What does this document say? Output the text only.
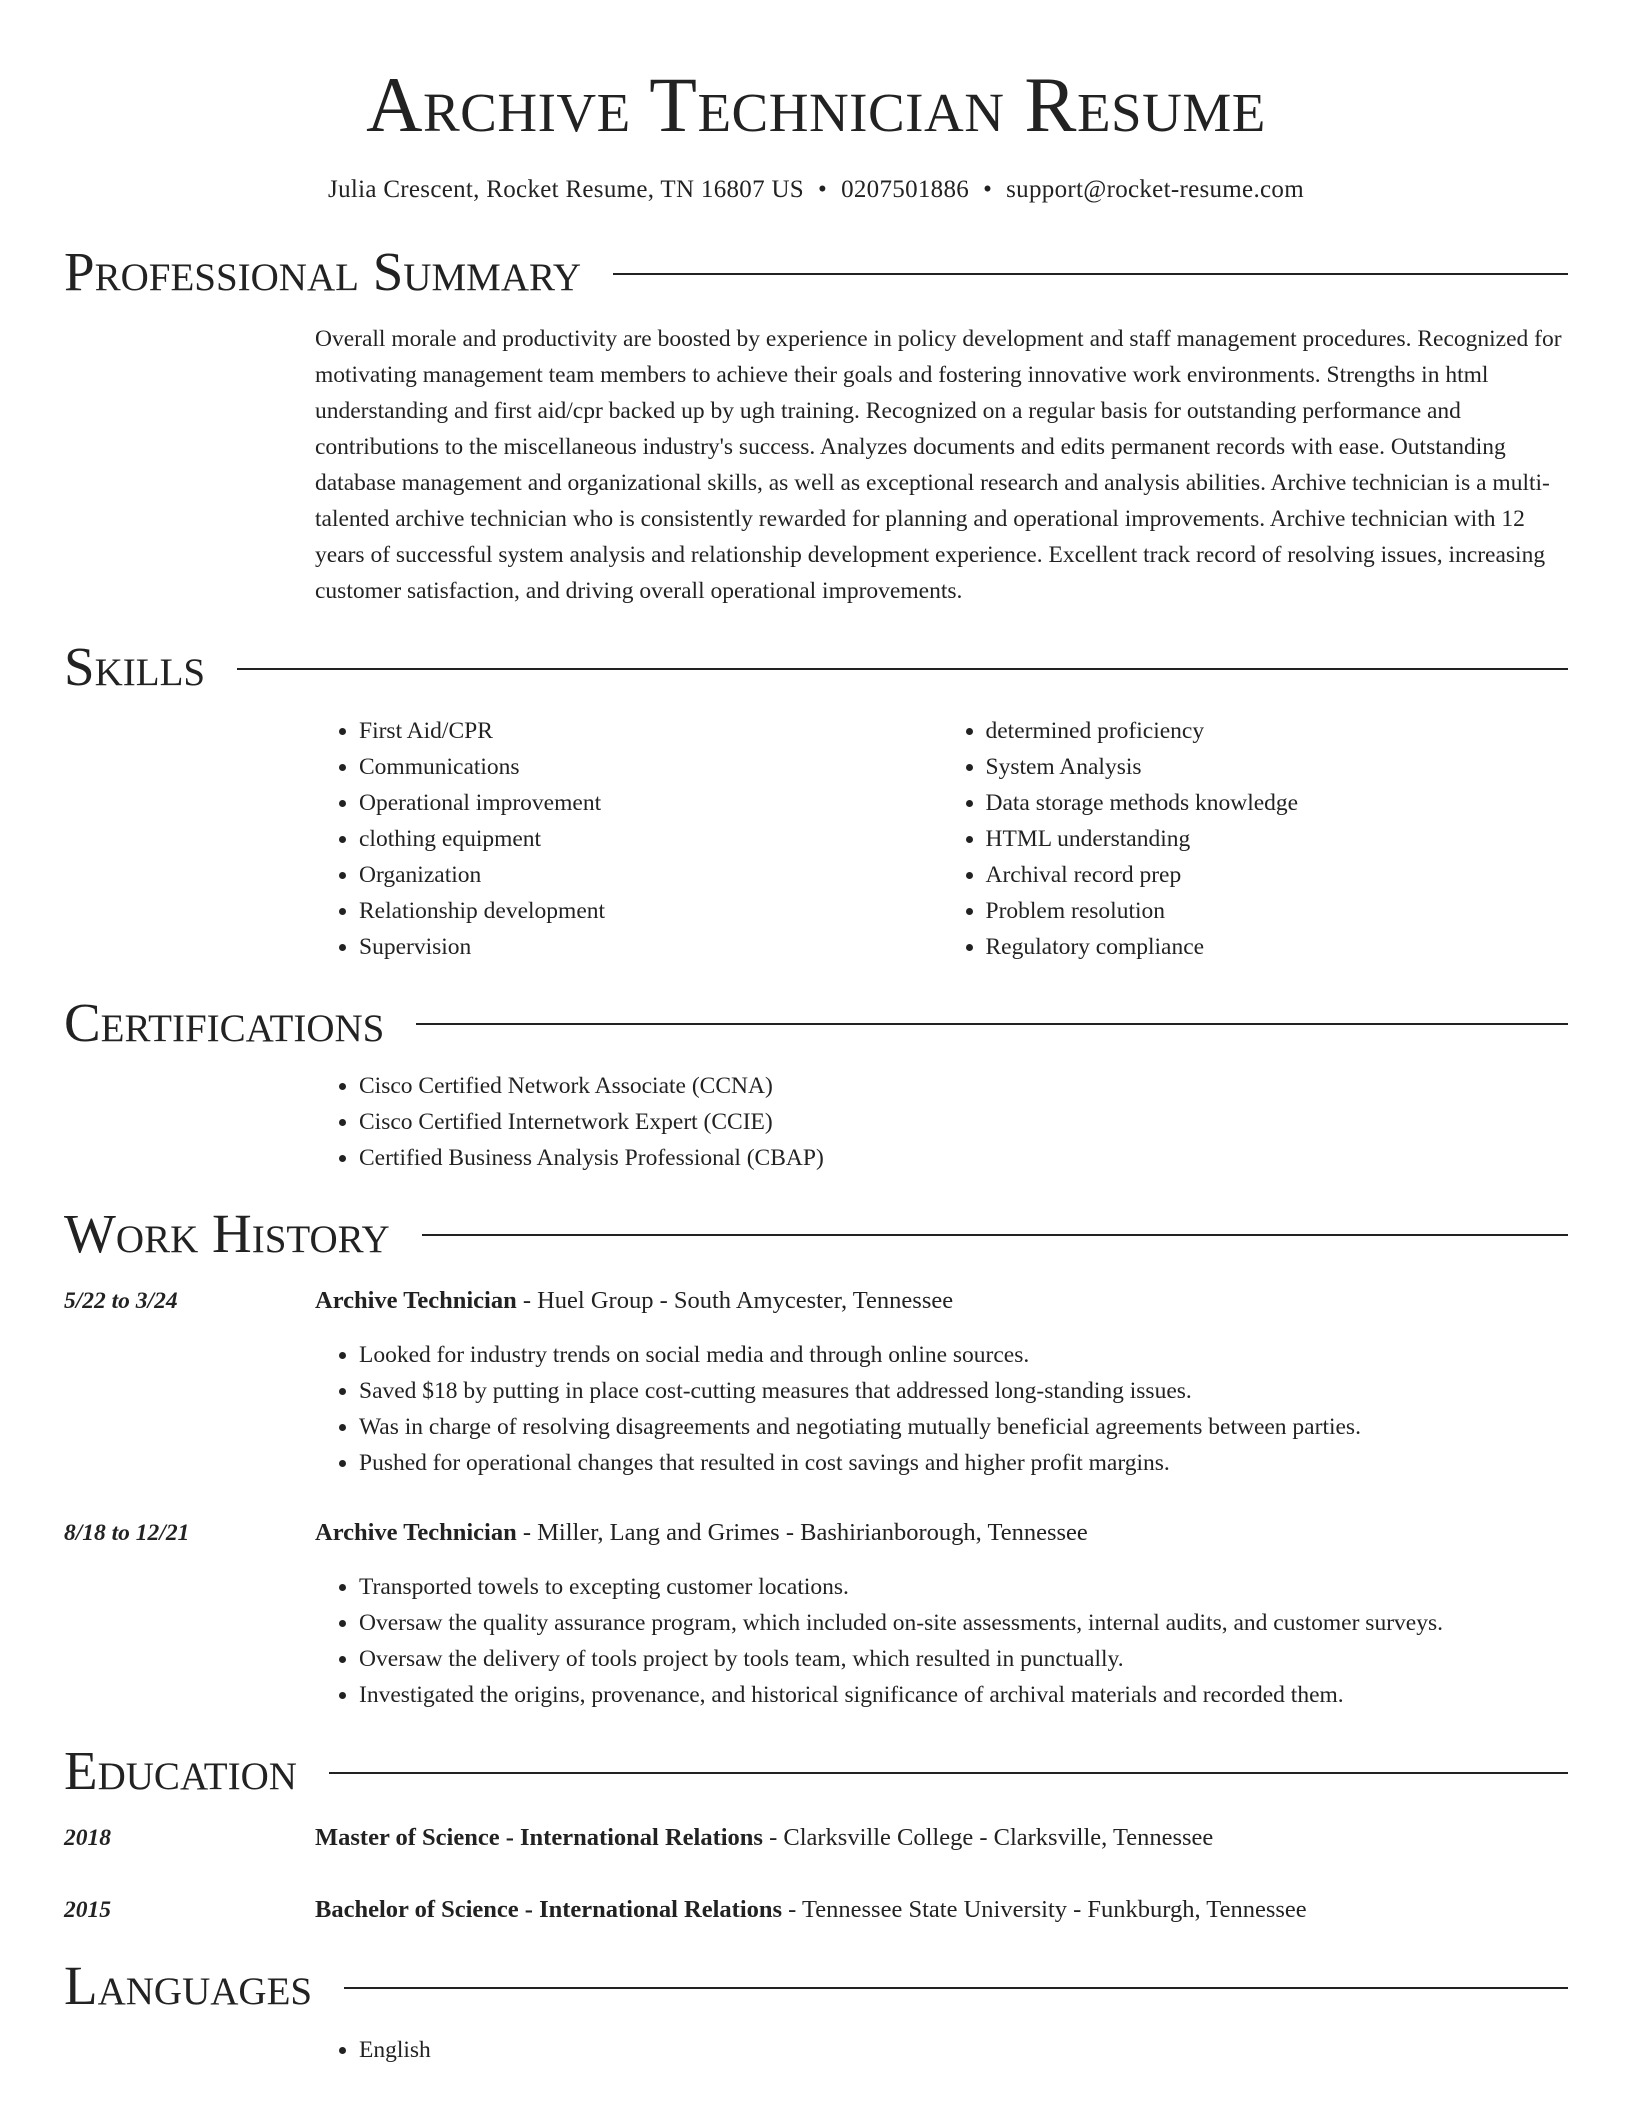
Archive Technician Resume
Julia Crescent, Rocket Resume, TN 16807 US • 0207501886 • support@rocket-resume.com
Professional Summary
Overall morale and productivity are boosted by experience in policy development and staff management procedures. Recognized for motivating management team members to achieve their goals and fostering innovative work environments. Strengths in html understanding and first aid/cpr backed up by ugh training. Recognized on a regular basis for outstanding performance and contributions to the miscellaneous industry's success. Analyzes documents and edits permanent records with ease. Outstanding database management and organizational skills, as well as exceptional research and analysis abilities. Archive technician is a multi-talented archive technician who is consistently rewarded for planning and operational improvements. Archive technician with 12 years of successful system analysis and relationship development experience. Excellent track record of resolving issues, increasing customer satisfaction, and driving overall operational improvements.
Skills
• First Aid/CPR
• Communications
• Operational improvement
• clothing equipment
• Organization
• Relationship development
• Supervision
• determined proficiency
• System Analysis
• Data storage methods knowledge
• HTML understanding
• Archival record prep
• Problem resolution
• Regulatory compliance
Certifications
• Cisco Certified Network Associate (CCNA)
• Cisco Certified Internetwork Expert (CCIE)
• Certified Business Analysis Professional (CBAP)
Work History
5/22 to 3/24	Archive Technician - Huel Group - South Amycester, Tennessee
• Looked for industry trends on social media and through online sources.
• Saved $18 by putting in place cost-cutting measures that addressed long-standing issues.
• Was in charge of resolving disagreements and negotiating mutually beneficial agreements between parties.
• Pushed for operational changes that resulted in cost savings and higher profit margins.
8/18 to 12/21	Archive Technician - Miller, Lang and Grimes - Bashirianborough, Tennessee
• Transported towels to excepting customer locations.
• Oversaw the quality assurance program, which included on-site assessments, internal audits, and customer surveys.
• Oversaw the delivery of tools project by tools team, which resulted in punctually.
• Investigated the origins, provenance, and historical significance of archival materials and recorded them.
Education
2018	Master of Science - International Relations - Clarksville College - Clarksville, Tennessee
2015	Bachelor of Science - International Relations - Tennessee State University - Funkburgh, Tennessee
Languages
• English
